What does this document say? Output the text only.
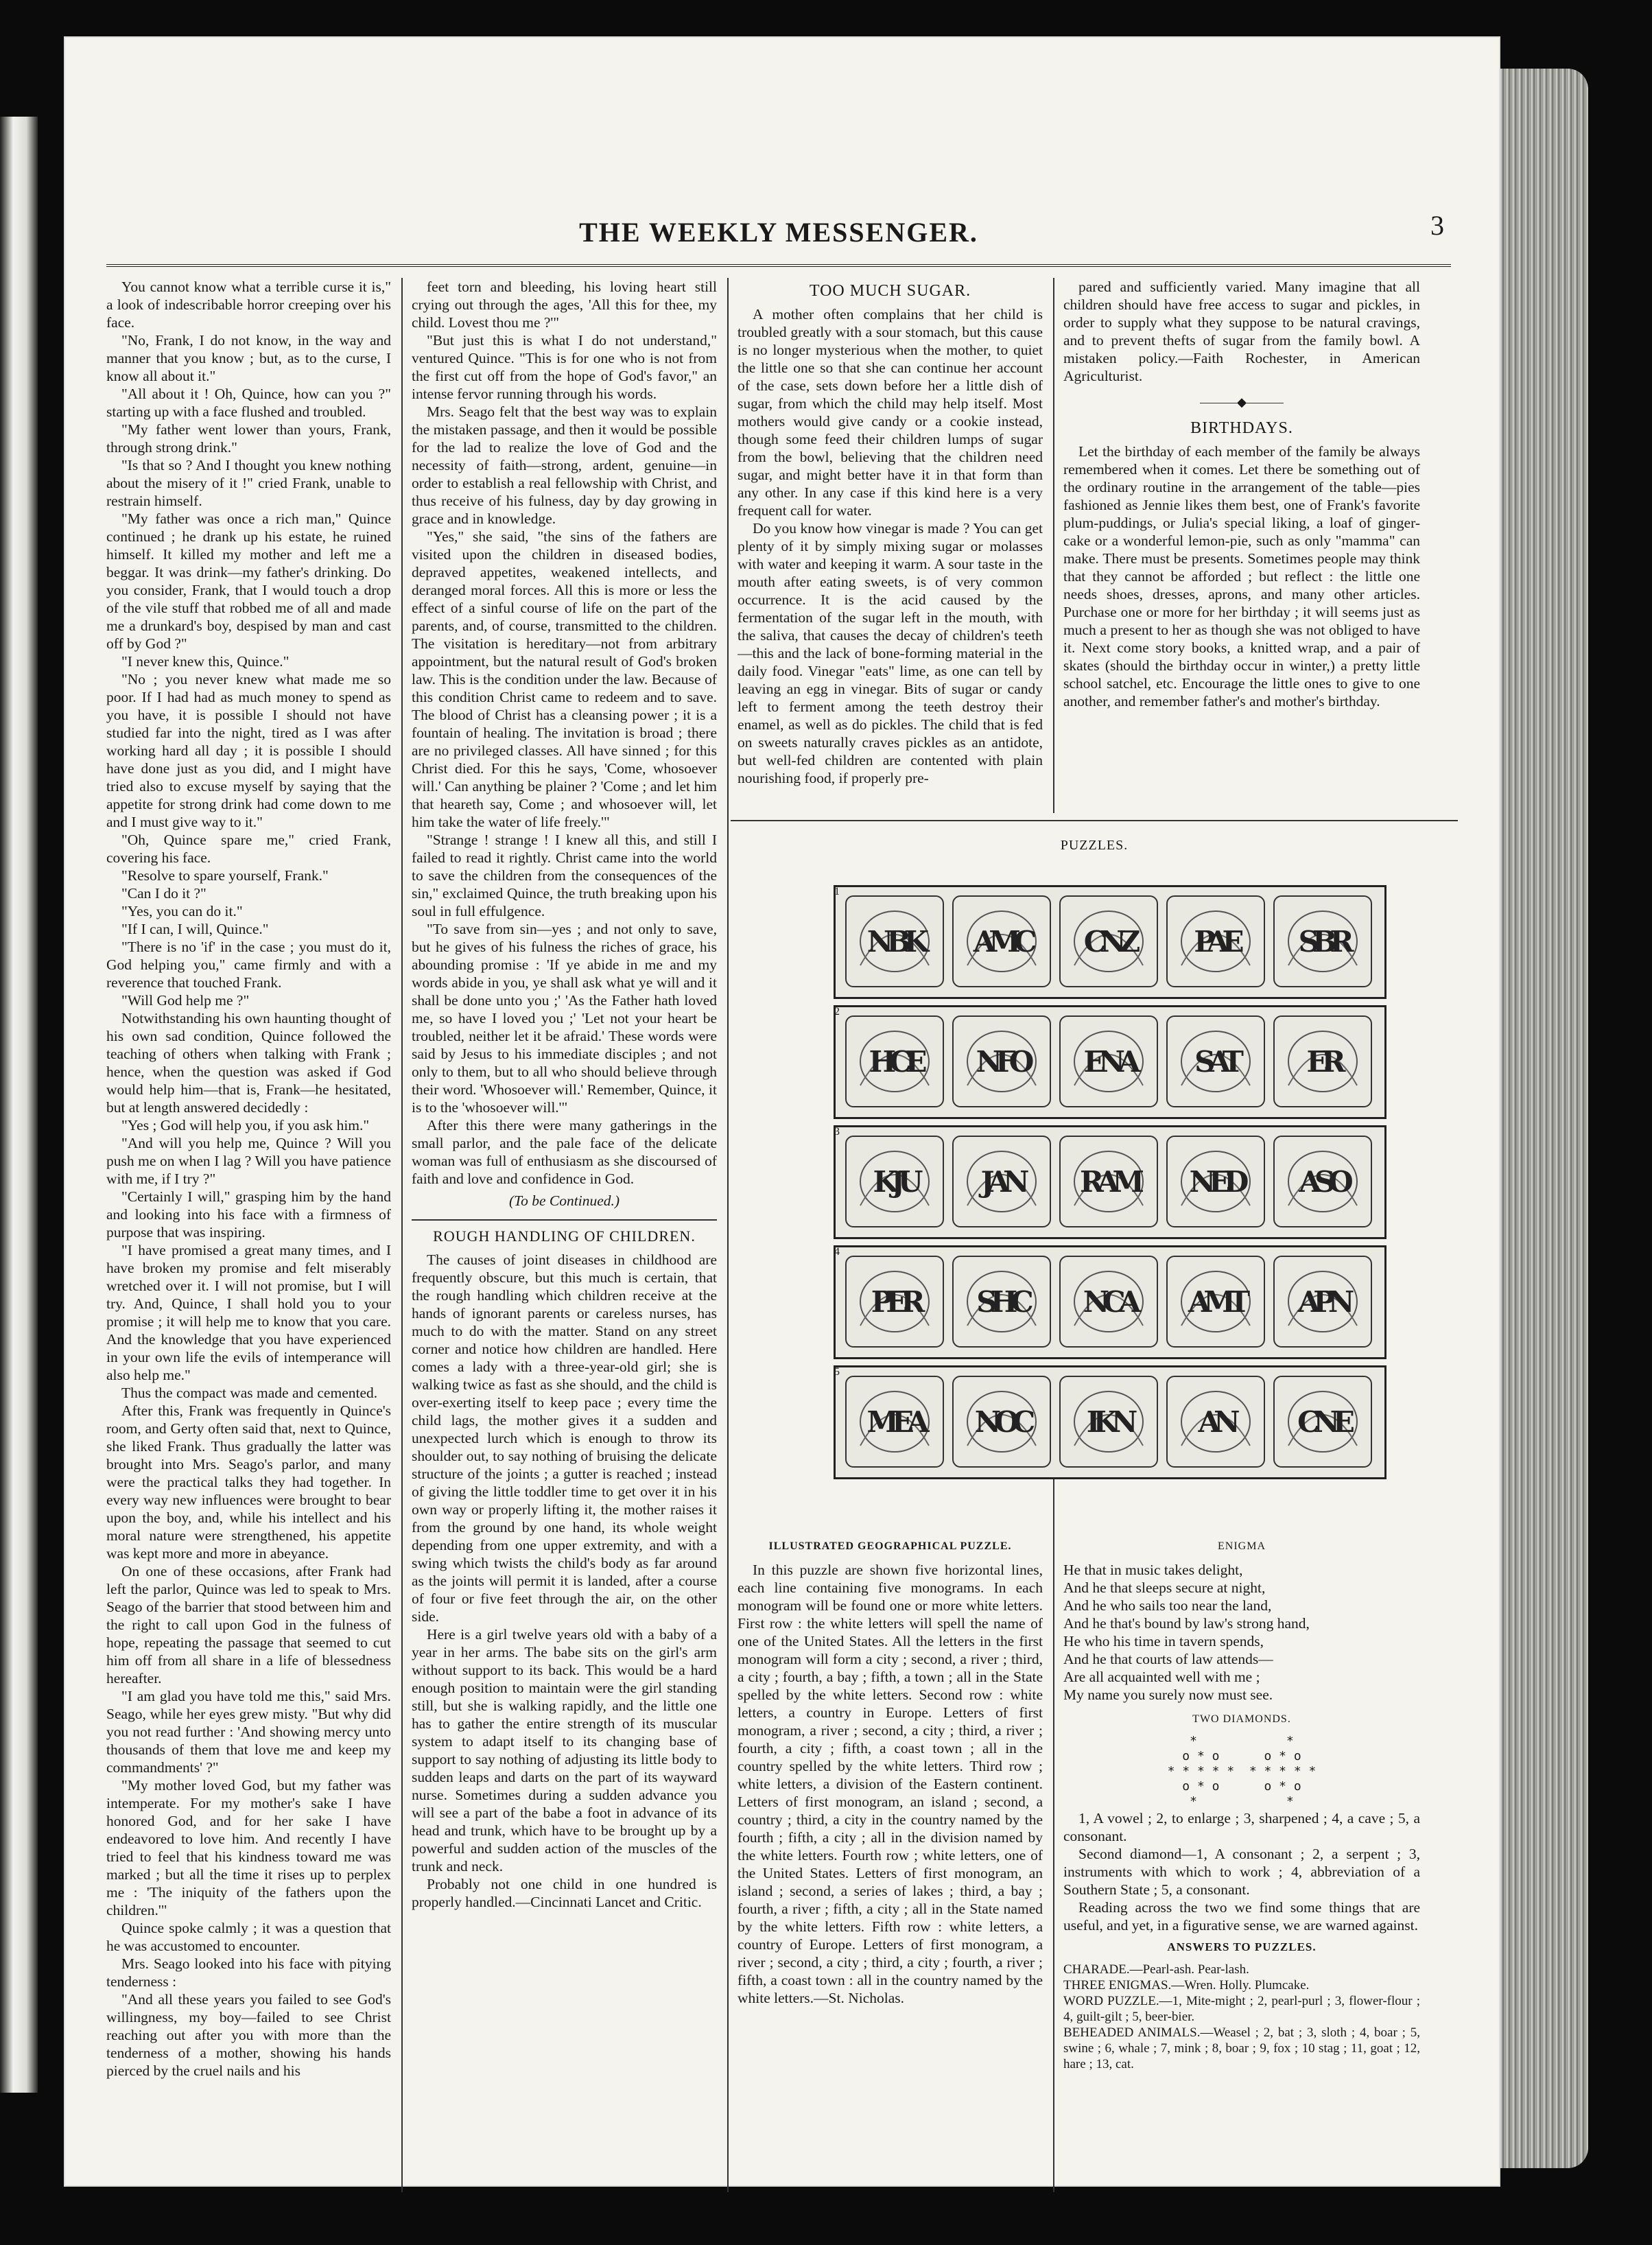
THE WEEKLY MESSENGER.	3

You cannot know what a terrible curse it is," a look of indescribable horror creeping over his face.

"No, Frank, I do not know, in the way and manner that you know ; but, as to the curse, I know all about it."

"All about it ! Oh, Quince, how can you ?" starting up with a face flushed and troubled.

"My father went lower than yours, Frank, through strong drink."

"Is that so ? And I thought you knew nothing about the misery of it !" cried Frank, unable to restrain himself.

"My father was once a rich man," Quince continued ; he drank up his estate, he ruined himself. It killed my mother and left me a beggar. It was drink—my father's drinking. Do you consider, Frank, that I would touch a drop of the vile stuff that robbed me of all and made me a drunkard's boy, despised by man and cast off by God ?"

"I never knew this, Quince."

"No ; you never knew what made me so poor. If I had had as much money to spend as you have, it is possible I should not have studied far into the night, tired as I was after working hard all day ; it is possible I should have done just as you did, and I might have tried also to excuse myself by saying that the appetite for strong drink had come down to me and I must give way to it."

"Oh, Quince spare me," cried Frank, covering his face.

"Resolve to spare yourself, Frank."

"Can I do it ?"

"Yes, you can do it."

"If I can, I will, Quince."

"There is no 'if' in the case ; you must do it, God helping you," came firmly and with a reverence that touched Frank.

"Will God help me ?"

Notwithstanding his own haunting thought of his own sad condition, Quince followed the teaching of others when talking with Frank ; hence, when the question was asked if God would help him—that is, Frank—he hesitated, but at length answered decidedly :

"Yes ; God will help you, if you ask him."

"And will you help me, Quince ? Will you push me on when I lag ? Will you have patience with me, if I try ?"

"Certainly I will," grasping him by the hand and looking into his face with a firmness of purpose that was inspiring.

"I have promised a great many times, and I have broken my promise and felt miserably wretched over it. I will not promise, but I will try. And, Quince, I shall hold you to your promise ; it will help me to know that you care. And the knowledge that you have experienced in your own life the evils of intemperance will also help me."

Thus the compact was made and cemented.

After this, Frank was frequently in Quince's room, and Gerty often said that, next to Quince, she liked Frank. Thus gradually the latter was brought into Mrs. Seago's parlor, and many were the practical talks they had together. In every way new influences were brought to bear upon the boy, and, while his intellect and his moral nature were strengthened, his appetite was kept more and more in abeyance.

On one of these occasions, after Frank had left the parlor, Quince was led to speak to Mrs. Seago of the barrier that stood between him and the right to call upon God in the fulness of hope, repeating the passage that seemed to cut him off from all share in a life of blessedness hereafter.

"I am glad you have told me this," said Mrs. Seago, while her eyes grew misty. "But why did you not read further : 'And showing mercy unto thousands of them that love me and keep my commandments' ?"

"My mother loved God, but my father was intemperate. For my mother's sake I have honored God, and for her sake I have endeavored to love him. And recently I have tried to feel that his kindness toward me was marked ; but all the time it rises up to perplex me : 'The iniquity of the fathers upon the children.'"

Quince spoke calmly ; it was a question that he was accustomed to encounter.

Mrs. Seago looked into his face with pitying tenderness :

"And all these years you failed to see God's willingness, my boy—failed to see Christ reaching out after you with more than the tenderness of a mother, showing his hands pierced by the cruel nails and his

feet torn and bleeding, his loving heart still crying out through the ages, 'All this for thee, my child. Lovest thou me ?'"

"But just this is what I do not understand," ventured Quince. "This is for one who is not from the first cut off from the hope of God's favor," an intense fervor running through his words.

Mrs. Seago felt that the best way was to explain the mistaken passage, and then it would be possible for the lad to realize the love of God and the necessity of faith—strong, ardent, genuine—in order to establish a real fellowship with Christ, and thus receive of his fulness, day by day growing in grace and in knowledge.

"Yes," she said, "the sins of the fathers are visited upon the children in diseased bodies, depraved appetites, weakened intellects, and deranged moral forces. All this is more or less the effect of a sinful course of life on the part of the parents, and, of course, transmitted to the children. The visitation is hereditary—not from arbitrary appointment, but the natural result of God's broken law. This is the condition under the law. Because of this condition Christ came to redeem and to save. The blood of Christ has a cleansing power ; it is a fountain of healing. The invitation is broad ; there are no privileged classes. All have sinned ; for this Christ died. For this he says, 'Come, whosoever will.' Can anything be plainer ? 'Come ; and let him that heareth say, Come ; and whosoever will, let him take the water of life freely.'"

"Strange ! strange ! I knew all this, and still I failed to read it rightly. Christ came into the world to save the children from the consequences of the sin," exclaimed Quince, the truth breaking upon his soul in full effulgence.

"To save from sin—yes ; and not only to save, but he gives of his fulness the riches of grace, his abounding promise : 'If ye abide in me and my words abide in you, ye shall ask what ye will and it shall be done unto you ;' 'As the Father hath loved me, so have I loved you ;' 'Let not your heart be troubled, neither let it be afraid.' These words were said by Jesus to his immediate disciples ; and not only to them, but to all who should believe through their word. 'Whosoever will.' Remember, Quince, it is to the 'whosoever will.'"

After this there were many gatherings in the small parlor, and the pale face of the delicate woman was full of enthusiasm as she discoursed of faith and love and confidence in God.

(To be Continued.)
ROUGH HANDLING OF CHILDREN.

The causes of joint diseases in childhood are frequently obscure, but this much is certain, that the rough handling which children receive at the hands of ignorant parents or careless nurses, has much to do with the matter. Stand on any street corner and notice how children are handled. Here comes a lady with a three-year-old girl; she is walking twice as fast as she should, and the child is over-exerting itself to keep pace ; every time the child lags, the mother gives it a sudden and unexpected lurch which is enough to throw its shoulder out, to say nothing of bruising the delicate structure of the joints ; a gutter is reached ; instead of giving the little toddler time to get over it in his own way or properly lifting it, the mother raises it from the ground by one hand, its whole weight depending from one upper extremity, and with a swing which twists the child's body as far around as the joints will permit it is landed, after a course of four or five feet through the air, on the other side.

Here is a girl twelve years old with a baby of a year in her arms. The babe sits on the girl's arm without support to its back. This would be a hard enough position to maintain were the girl standing still, but she is walking rapidly, and the little one has to gather the entire strength of its muscular system to adapt itself to its changing base of support to say nothing of adjusting its little body to sudden leaps and darts on the part of its wayward nurse. Sometimes during a sudden advance you will see a part of the babe a foot in advance of its head and trunk, which have to be brought up by a powerful and sudden action of the muscles of the trunk and neck.

Probably not one child in one hundred is properly handled.—Cincinnati Lancet and Critic.

TOO MUCH SUGAR.

A mother often complains that her child is troubled greatly with a sour stomach, but this cause is no longer mysterious when the mother, to quiet the little one so that she can continue her account of the case, sets down before her a little dish of sugar, from which the child may help itself. Most mothers would give candy or a cookie instead, though some feed their children lumps of sugar from the bowl, believing that the children need sugar, and might better have it in that form than any other. In any case if this kind here is a very frequent call for water.

Do you know how vinegar is made ? You can get plenty of it by simply mixing sugar or molasses with water and keeping it warm. A sour taste in the mouth after eating sweets, is of very common occurrence. It is the acid caused by the fermentation of the sugar left in the mouth, with the saliva, that causes the decay of children's teeth—this and the lack of bone-forming material in the daily food. Vinegar "eats" lime, as one can tell by leaving an egg in vinegar. Bits of sugar or candy left to ferment among the teeth destroy their enamel, as well as do pickles. The child that is fed on sweets naturally craves pickles as an antidote, but well-fed children are contented with plain nourishing food, if properly pre-

pared and sufficiently varied. Many imagine that all children should have free access to sugar and pickles, in order to supply what they suppose to be natural cravings, and to prevent thefts of sugar from the family bowl. A mistaken policy.—Faith Rochester, in American Agriculturist.

———◆———
BIRTHDAYS.

Let the birthday of each member of the family be always remembered when it comes. Let there be something out of the ordinary routine in the arrangement of the table—pies fashioned as Jennie likes them best, one of Frank's favorite plum-puddings, or Julia's special liking, a loaf of ginger-cake or a wonderful lemon-pie, such as only "mamma" can make. There must be presents. Sometimes people may think that they cannot be afforded ; but reflect : the little one needs shoes, dresses, aprons, and many other articles. Purchase one or more for her birthday ; it will seems just as much a present to her as though she was not obliged to have it. Next come story books, a knitted wrap, and a pair of skates (should the birthday occur in winter,) a pretty little school satchel, etc. Encourage the little ones to give to one another, and remember father's and mother's birthday.

PUZZLES.
1
NBK AMC CNZ PAE SBR
2
HCE NFO ENA SAT ER
3
KJU JAN RAM NED ASO
4
PER SHC NCA AMT APN
5
MEA NOC IKN AN CNE
ILLUSTRATED GEOGRAPHICAL PUZZLE.

In this puzzle are shown five horizontal lines, each line containing five monograms. In each monogram will be found one or more white letters. First row : the white letters will spell the name of one of the United States. All the letters in the first monogram will form a city ; second, a river ; third, a city ; fourth, a bay ; fifth, a town ; all in the State spelled by the white letters. Second row : white letters, a country in Europe. Letters of first monogram, a river ; second, a city ; third, a river ; fourth, a city ; fifth, a coast town ; all in the country spelled by the white letters. Third row ; white letters, a division of the Eastern continent. Letters of first monogram, an island ; second, a country ; third, a city in the country named by the fourth ; fifth, a city ; all in the division named by the white letters. Fourth row ; white letters, one of the United States. Letters of first monogram, an island ; second, a series of lakes ; third, a bay ; fourth, a river ; fifth, a city ; all in the State named by the white letters. Fifth row : white letters, a country of Europe. Letters of first monogram, a river ; second, a city ; third, a city ; fourth, a river ; fifth, a coast town : all in the country named by the white letters.—St. Nicholas.

ENIGMA

He that in music takes delight,

And he that sleeps secure at night,

And he who sails too near the land,

And he that's bound by law's strong hand,

He who his time in tavern spends,

And he that courts of law attends—

Are all acquainted well with me ;

My name you surely now must see.

TWO DIAMONDS.
*            *
o * o      o * o
* * * * *  * * * * *
o * o      o * o
*            *

1, A vowel ; 2, to enlarge ; 3, sharpened ; 4, a cave ; 5, a consonant.

Second diamond—1, A consonant ; 2, a serpent ; 3, instruments with which to work ; 4, abbreviation of a Southern State ; 5, a consonant.

Reading across the two we find some things that are useful, and yet, in a figurative sense, we are warned against.

ANSWERS TO PUZZLES.

CHARADE.—Pearl-ash. Pear-lash.

THREE ENIGMAS.—Wren. Holly. Plumcake.

WORD PUZZLE.—1, Mite-might ; 2, pearl-purl ; 3, flower-flour ; 4, guilt-gilt ; 5, beer-bier.

BEHEADED ANIMALS.—Weasel ; 2, bat ; 3, sloth ; 4, boar ; 5, swine ; 6, whale ; 7, mink ; 8, boar ; 9, fox ; 10 stag ; 11, goat ; 12, hare ; 13, cat.
